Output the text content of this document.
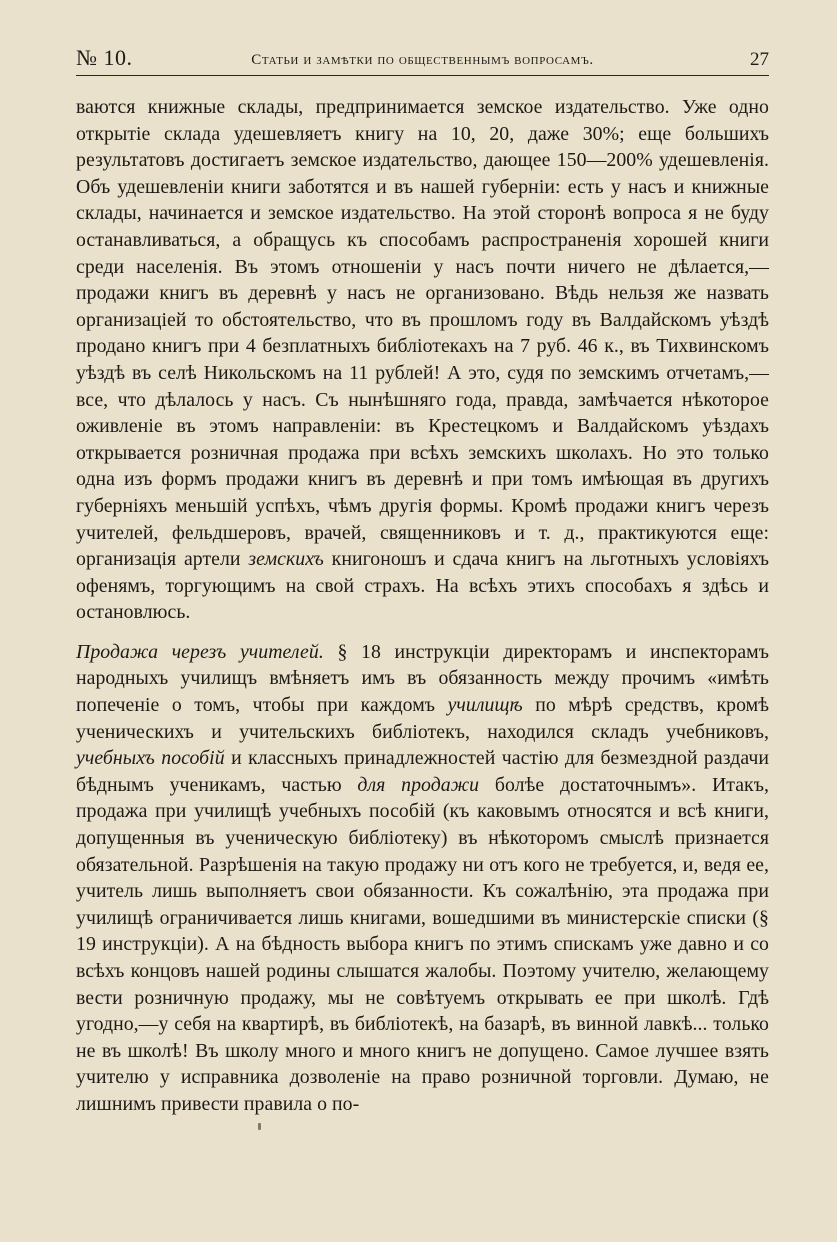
№ 10.	Статьи и замѣтки по общественнымъ вопросамъ.	27

ваются книжные склады, предпринимается земское издательство. Уже одно открытіе склада удешевляетъ книгу на 10, 20, даже 30%; еще большихъ результатовъ достигаетъ земское издательство, дающее 150—200% удешевленія. Объ удешевленіи книги заботятся и въ нашей губерніи: есть у насъ и книжные склады, начинается и земское издательство. На этой сторонѣ вопроса я не буду останавливаться, а обращусь къ способамъ распространенія хорошей книги среди населенія. Въ этомъ отношеніи у насъ почти ничего не дѣлается,—продажи книгъ въ деревнѣ у насъ не организовано. Вѣдь нельзя же назвать организаціей то обстоятельство, что въ прошломъ году въ Валдайскомъ уѣздѣ продано книгъ при 4 безплатныхъ библіотекахъ на 7 руб. 46 к., въ Тихвинскомъ уѣздѣ въ селѣ Никольскомъ на 11 рублей! А это, судя по земскимъ отчетамъ,—все, что дѣлалось у насъ. Съ нынѣшняго года, правда, замѣчается нѣкоторое оживленіе въ этомъ направленіи: въ Крестецкомъ и Валдайскомъ уѣздахъ открывается розничная продажа при всѣхъ земскихъ школахъ. Но это только одна изъ формъ продажи книгъ въ деревнѣ и при томъ имѣющая въ другихъ губерніяхъ меньшій успѣхъ, чѣмъ другія формы. Кромѣ продажи книгъ черезъ учителей, фельдшеровъ, врачей, священниковъ и т. д., практикуются еще: организація артели земскихъ книгоношъ и сдача книгъ на льготныхъ условіяхъ офенямъ, торгующимъ на свой страхъ. На всѣхъ этихъ способахъ я здѣсь и остановлюсь.

Продажа черезъ учителей. § 18 инструкціи директорамъ и инспекторамъ народныхъ училищъ вмѣняетъ имъ въ обязанность между прочимъ «имѣть попеченіе о томъ, чтобы при каждомъ училищѣ по мѣрѣ средствъ, кромѣ ученическихъ и учительскихъ библіотекъ, находился складъ учебниковъ, учебныхъ пособій и классныхъ принадлежностей частію для безмездной раздачи бѣднымъ ученикамъ, частью для продажи болѣе достаточнымъ». Итакъ, продажа при училищѣ учебныхъ пособій (къ каковымъ относятся и всѣ книги, допущенныя въ ученическую библіотеку) въ нѣкоторомъ смыслѣ признается обязательной. Разрѣшенія на такую продажу ни отъ кого не требуется, и, ведя ее, учитель лишь выполняетъ свои обязанности. Къ сожалѣнію, эта продажа при училищѣ ограничивается лишь книгами, вошедшими въ министерскіе списки (§ 19 инструкціи). А на бѣдность выбора книгъ по этимъ спискамъ уже давно и со всѣхъ концовъ нашей родины слышатся жалобы. Поэтому учителю, желающему вести розничную продажу, мы не совѣтуемъ открывать ее при школѣ. Гдѣ угодно,—у себя на квартирѣ, въ библіотекѣ, на базарѣ, въ винной лавкѣ... только не въ школѣ! Въ школу много и много книгъ не допущено. Самое лучшее взять учителю у исправника дозволеніе на право розничной торговли. Думаю, не лишнимъ привести правила о по-
